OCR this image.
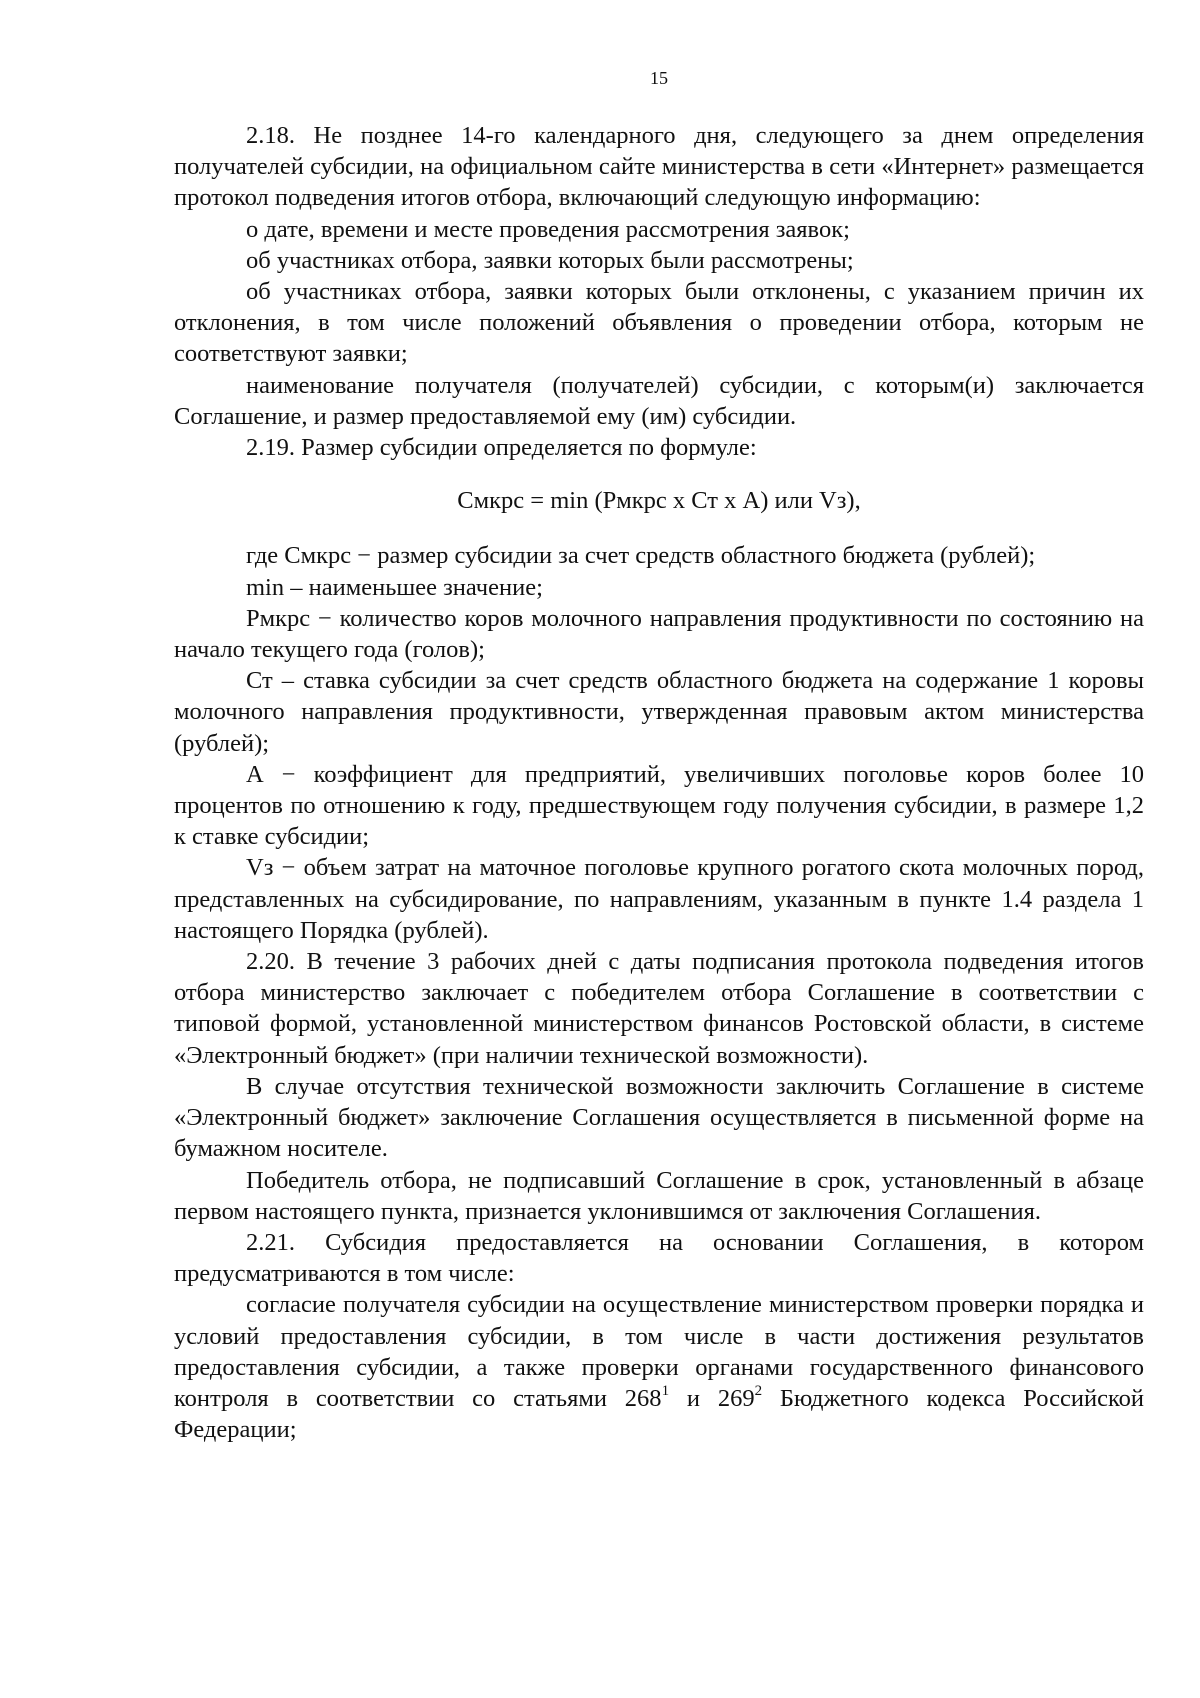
15

2.18. Не позднее 14-го календарного дня, следующего за днем определения получателей субсидии, на официальном сайте министерства в сети «Интернет» размещается протокол подведения итогов отбора, включающий следующую информацию:

о дате, времени и месте проведения рассмотрения заявок;

об участниках отбора, заявки которых были рассмотрены;

об участниках отбора, заявки которых были отклонены, с указанием причин их отклонения, в том числе положений объявления о проведении отбора, которым не соответствуют заявки;

наименование получателя (получателей) субсидии, с которым(и) заключается Соглашение, и размер предоставляемой ему (им) субсидии.

2.19. Размер субсидии определяется по формуле:

Смкрс = min (Рмкрс х Ст х А) или Vз),

где Смкрс − размер субсидии за счет средств областного бюджета (рублей);

min – наименьшее значение;

Рмкрс − количество коров молочного направления продуктивности по состоянию на начало текущего года (голов);

Ст – ставка субсидии за счет средств областного бюджета на содержание 1 коровы молочного направления продуктивности, утвержденная правовым актом министерства (рублей);

А − коэффициент для предприятий, увеличивших поголовье коров более 10 процентов по отношению к году, предшествующем году получения субсидии, в размере 1,2 к ставке субсидии;

Vз − объем затрат на маточное поголовье крупного рогатого скота молочных пород, представленных на субсидирование, по направлениям, указанным в пункте 1.4 раздела 1 настоящего Порядка (рублей).

2.20. В течение 3 рабочих дней с даты подписания протокола подведения итогов отбора министерство заключает с победителем отбора Соглашение в соответствии с типовой формой, установленной министерством финансов Ростовской области, в системе «Электронный бюджет» (при наличии технической возможности).

В случае отсутствия технической возможности заключить Соглашение в системе «Электронный бюджет» заключение Соглашения осуществляется в письменной форме на бумажном носителе.

Победитель отбора, не подписавший Соглашение в срок, установленный в абзаце первом настоящего пункта, признается уклонившимся от заключения Соглашения.

2.21. Субсидия предоставляется на основании Соглашения, в котором предусматриваются в том числе:

согласие получателя субсидии на осуществление министерством проверки порядка и условий предоставления субсидии, в том числе в части достижения результатов предоставления субсидии, а также проверки органами государственного финансового контроля в соответствии со статьями $268^1$ и $269^2$ Бюджетного кодекса Российской Федерации;
